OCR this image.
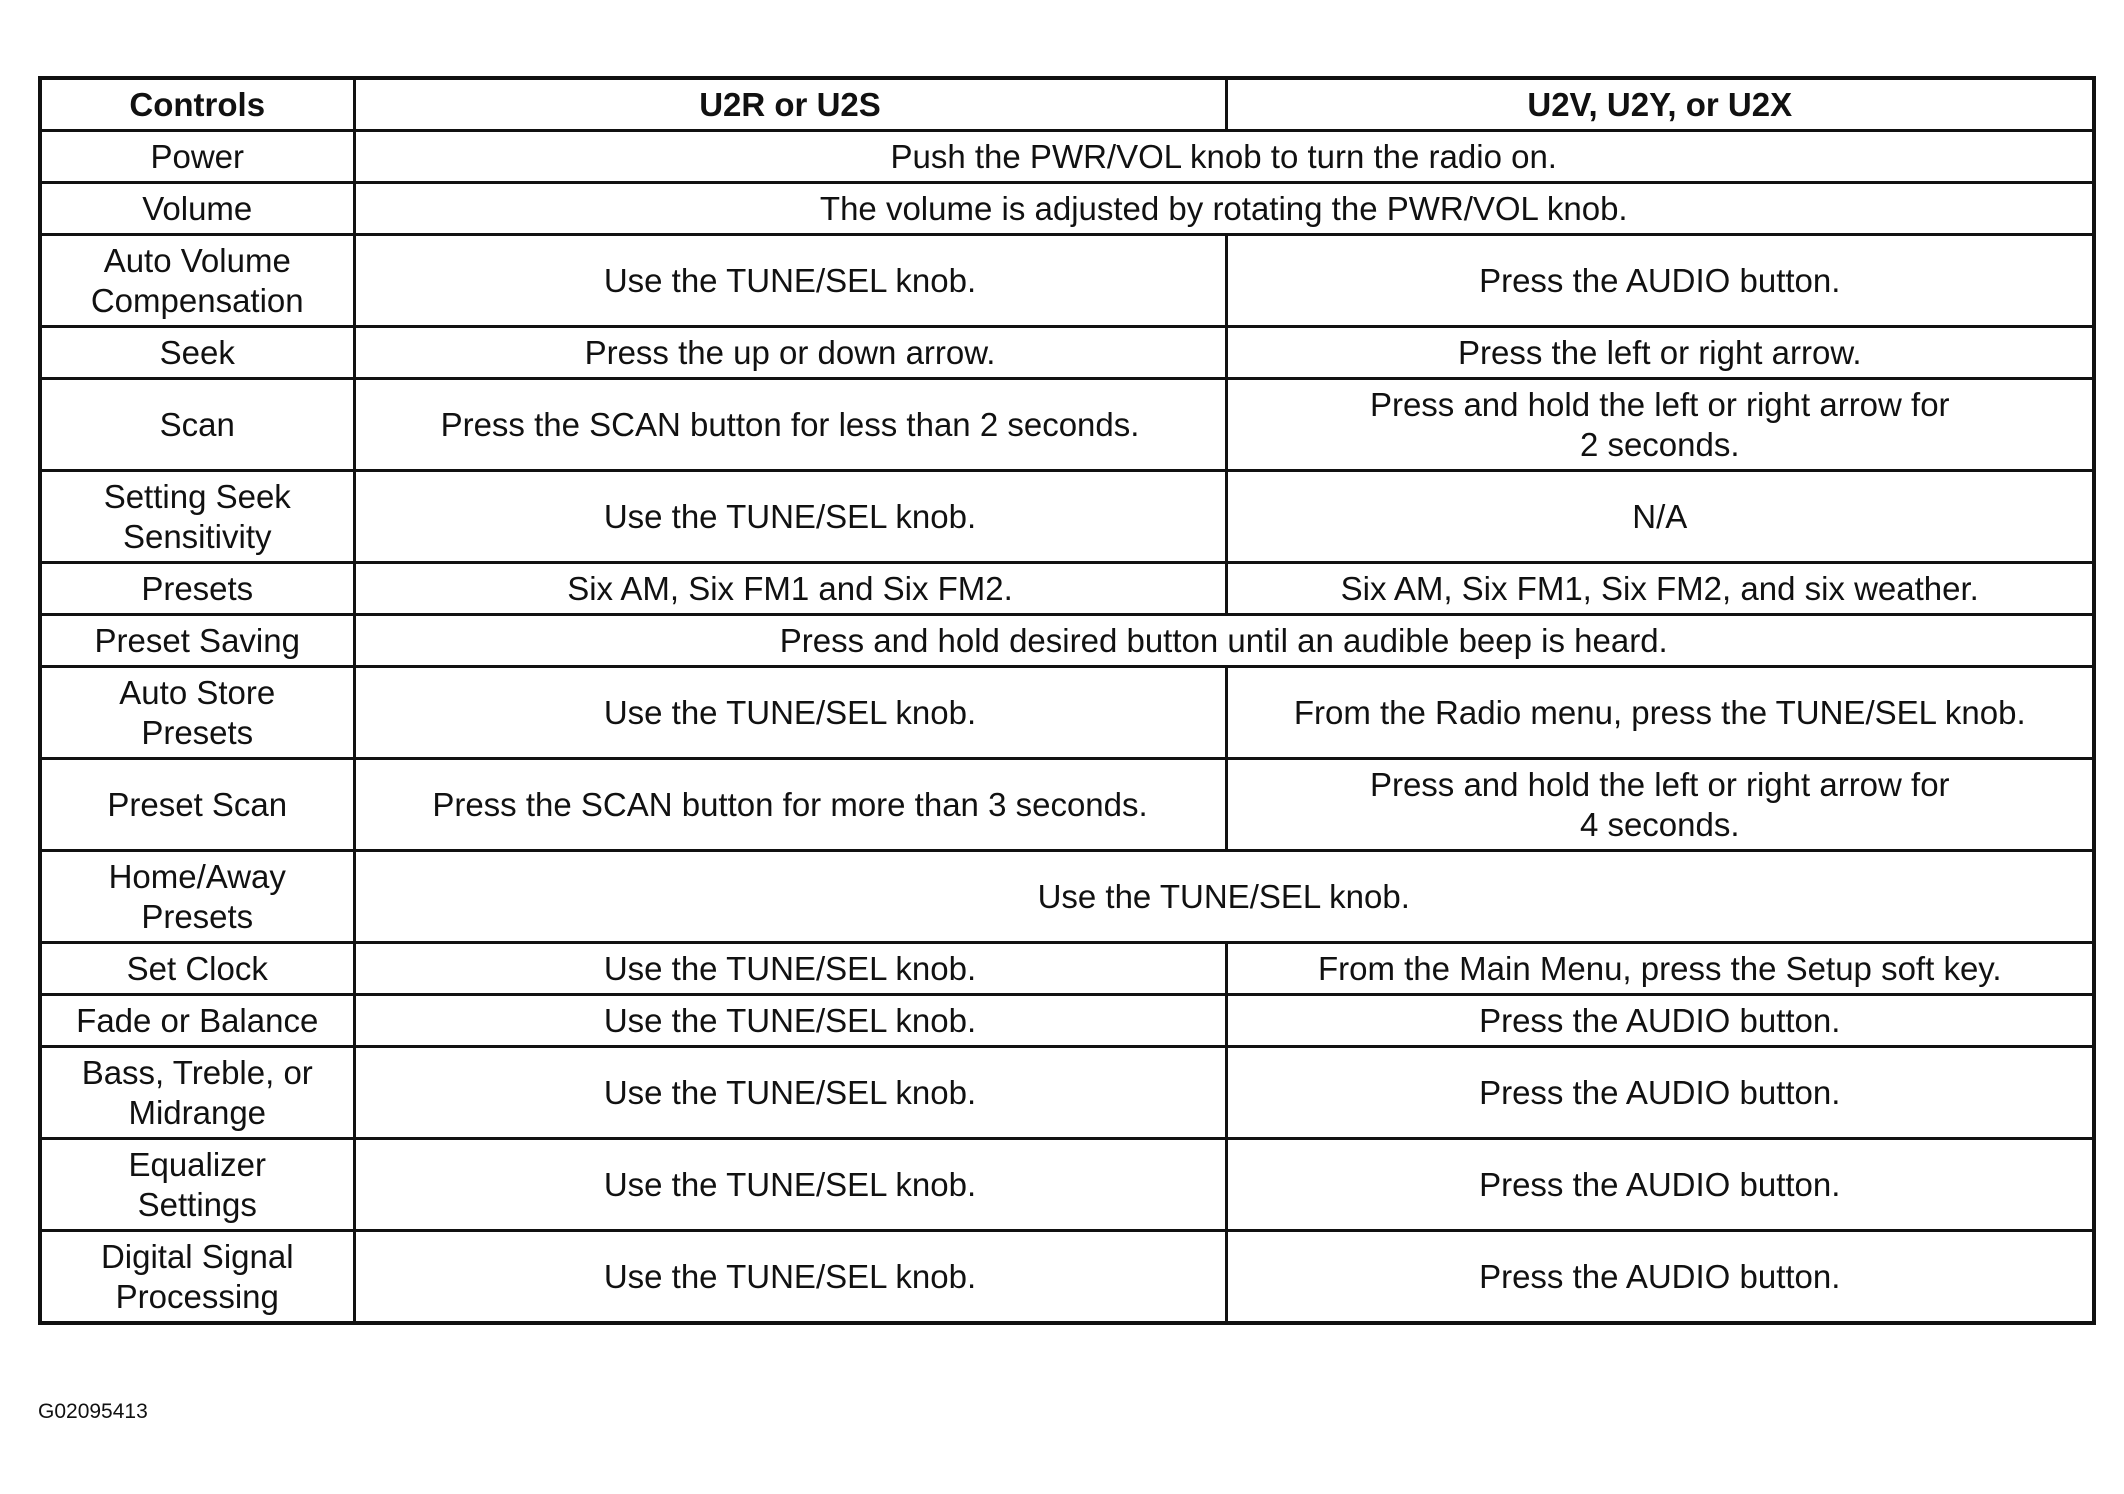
Controls	U2R or U2S	U2V, U2Y, or U2X
Power	Push the PWR/VOL knob to turn the radio on.	
Volume	The volume is adjusted by rotating the PWR/VOL knob.	
Auto Volume
Compensation	Use the TUNE/SEL knob.	Press the AUDIO button.
Seek	Press the up or down arrow.	Press the left or right arrow.
Scan	Press the SCAN button for less than 2 seconds.	Press and hold the left or right arrow for
2 seconds.
Setting Seek
Sensitivity	Use the TUNE/SEL knob.	N/A
Presets	Six AM, Six FM1 and Six FM2.	Six AM, Six FM1, Six FM2, and six weather.
Preset Saving	Press and hold desired button until an audible beep is heard.	
Auto Store
Presets	Use the TUNE/SEL knob.	From the Radio menu, press the TUNE/SEL knob.
Preset Scan	Press the SCAN button for more than 3 seconds.	Press and hold the left or right arrow for
4 seconds.
Home/Away
Presets	Use the TUNE/SEL knob.	
Set Clock	Use the TUNE/SEL knob.	From the Main Menu, press the Setup soft key.
Fade or Balance	Use the TUNE/SEL knob.	Press the AUDIO button.
Bass, Treble, or
Midrange	Use the TUNE/SEL knob.	Press the AUDIO button.
Equalizer
Settings	Use the TUNE/SEL knob.	Press the AUDIO button.
Digital Signal
Processing	Use the TUNE/SEL knob.	Press the AUDIO button.
G02095413
